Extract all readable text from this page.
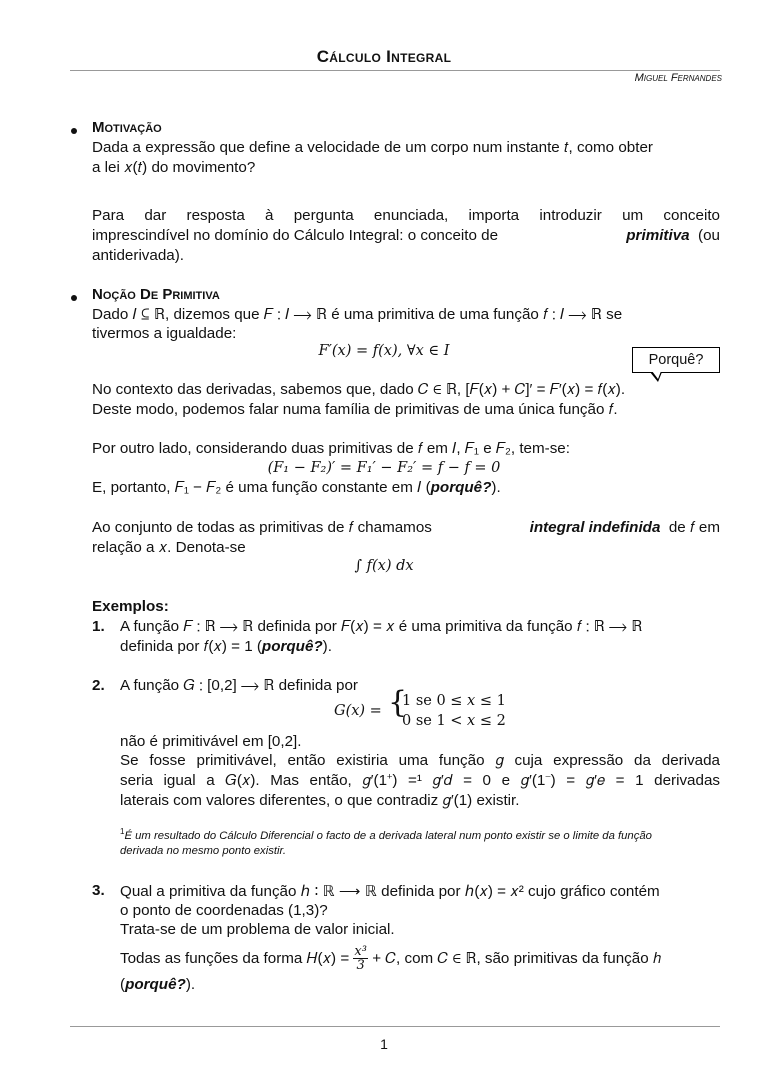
Cálculo Integral
Miguel Fernandes
Motivação
Dada a expressão que define a velocidade de um corpo num instante 𝑡, como obter
a lei 𝑥(𝑡) do movimento?
Para dar resposta à pergunta enunciada, importa introduzir um conceito
imprescindível no domínio do Cálculo Integral: o conceito de	primitiva (ou
antiderivada).
Noção De Primitiva
Dado 𝐼 ⊆ ℝ, dizemos que 𝐹 ∶ 𝐼 ⟶ ℝ é uma primitiva de uma função 𝑓 ∶ 𝐼 ⟶ ℝ se
tivermos a igualdade:
𝐹′(𝑥) = 𝑓(𝑥), ∀𝑥 ∈ 𝐼
Porquê?
No contexto das derivadas, sabemos que, dado 𝐶 ∈ ℝ, [𝐹(𝑥) + 𝐶]′ = 𝐹′(𝑥) = 𝑓(𝑥).
Deste modo, podemos falar numa família de primitivas de uma única função 𝑓.
Por outro lado, considerando duas primitivas de 𝑓 em 𝐼, 𝐹₁ e 𝐹₂, tem-se:
(𝐹₁ − 𝐹₂)′ = 𝐹₁′ − 𝐹₂′ = 𝑓 − 𝑓 = 0
E, portanto, 𝐹₁ − 𝐹₂ é uma função constante em 𝐼 (porquê?).
Ao conjunto de todas as primitivas de 𝑓 chamamos	integral indefinida de 𝑓 em
relação a 𝑥. Denota-se
∫ 𝑓(𝑥) 𝑑𝑥
Exemplos:
1. A função 𝐹 ∶ ℝ ⟶ ℝ definida por 𝐹(𝑥) = 𝑥 é uma primitiva da função 𝑓 ∶ ℝ ⟶ ℝ
definida por 𝑓(𝑥) = 1 (porquê?).
2. A função 𝐺 ∶ [0,2] ⟶ ℝ definida por
𝐺(𝑥) = {
1 se 0 ≤ 𝑥 ≤ 1
0 se 1 < 𝑥 ≤ 2
não é primitivável em [0,2].
Se fosse primitivável, então existiria uma função 𝑔 cuja expressão da derivada
seria igual a 𝐺(𝑥). Mas então, 𝑔′(1⁺) =¹ 𝑔′𝑑 = 0 e 𝑔′(1⁻) = 𝑔′𝑒 = 1 derivadas
laterais com valores diferentes, o que contradiz 𝑔′(1) existir.
$^1$É um resultado do Cálculo Diferencial o facto de a derivada lateral num ponto existir se o limite da função
derivada no mesmo ponto existir.
3. Qual a primitiva da função ℎ ∶ ℝ ⟶ ℝ definida por ℎ(𝑥) = 𝑥² cujo gráfico contém
o ponto de coordenadas (1,3)?
Trata-se de um problema de valor inicial.
Todas as funções da forma 𝐻(𝑥) = $\frac{\text{𝑥³}}{3}$ + 𝐶, com 𝐶 ∈ ℝ, são primitivas da função ℎ
(porquê?).
1
